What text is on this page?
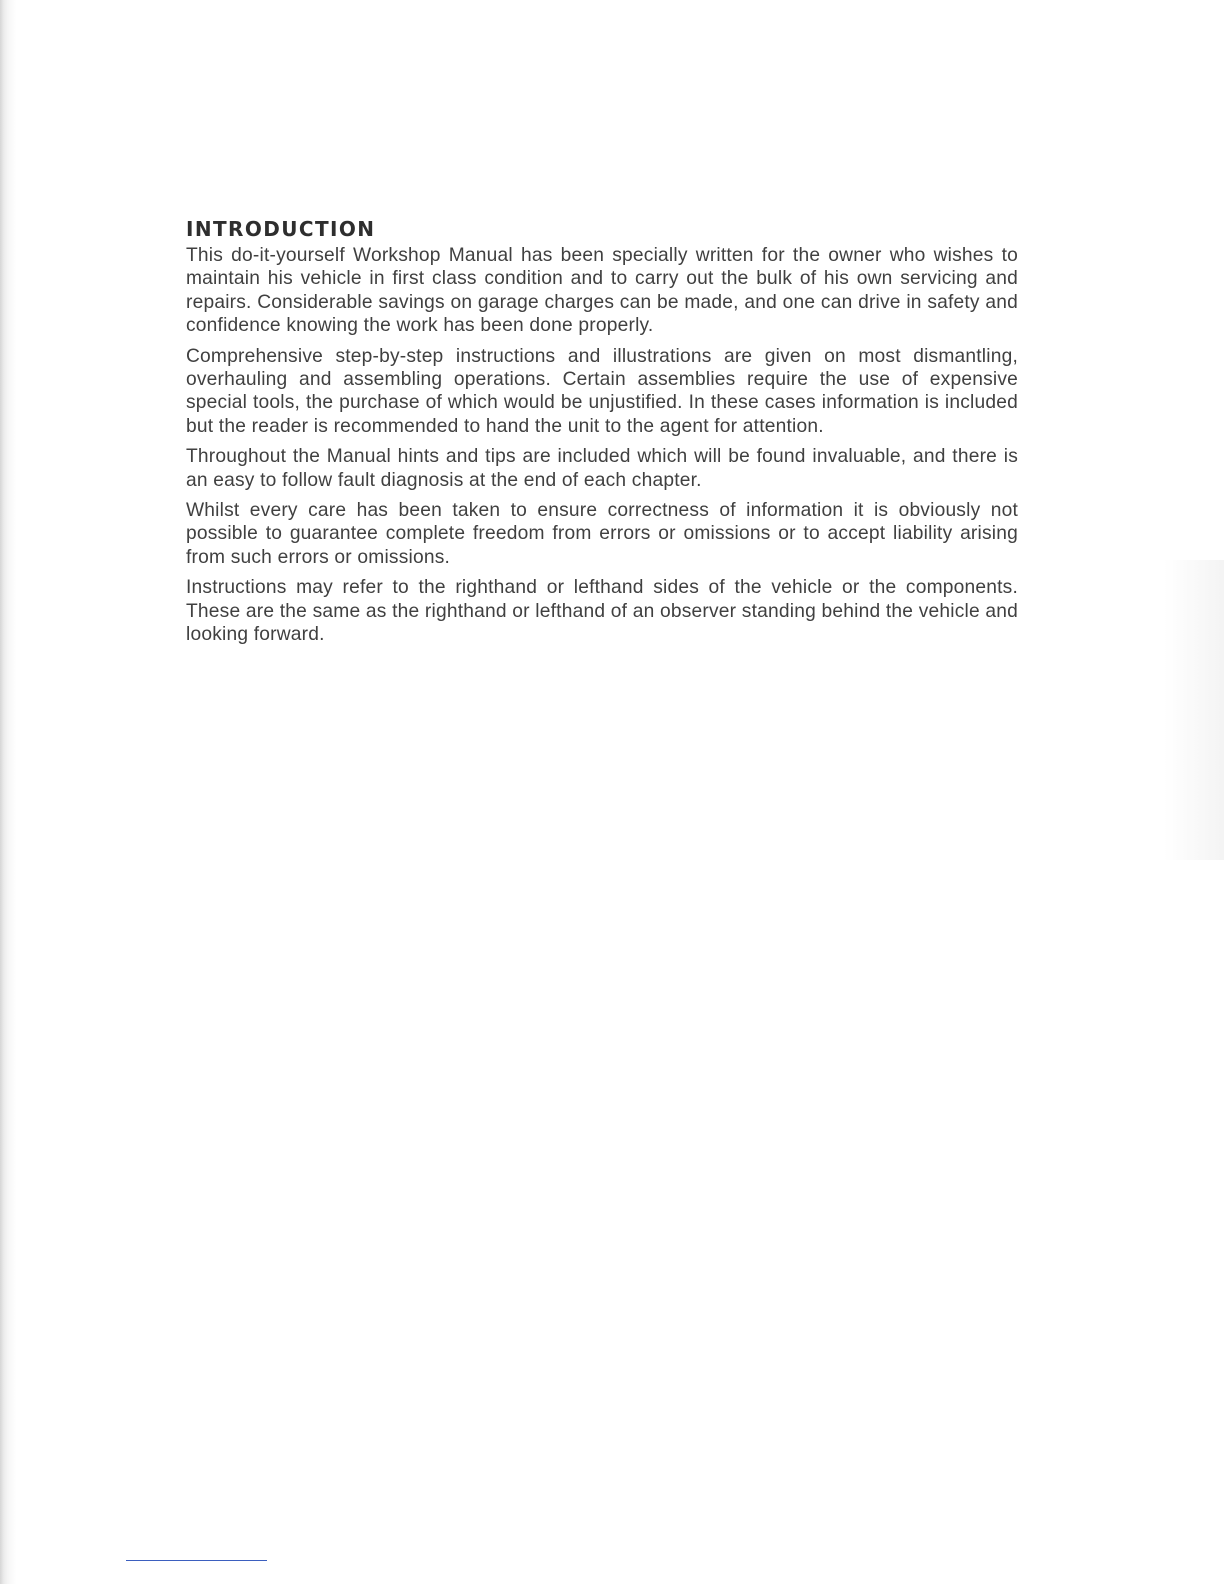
INTRODUCTION

This do-it-yourself Workshop Manual has been specially written for the owner who wishes to maintain his vehicle in first class condition and to carry out the bulk of his own servicing and repairs. Considerable savings on garage charges can be made, and one can drive in safety and confidence knowing the work has been done properly.

Comprehensive step-by-step instructions and illustrations are given on most dismantling, overhauling and assembling operations. Certain assemblies require the use of expensive special tools, the purchase of which would be unjustified. In these cases information is included but the reader is recommended to hand the unit to the agent for attention.

Throughout the Manual hints and tips are included which will be found invaluable, and there is an easy to follow fault diagnosis at the end of each chapter.

Whilst every care has been taken to ensure correctness of information it is obviously not possible to guarantee complete freedom from errors or omissions or to accept liability arising from such errors or omissions.

Instructions may refer to the righthand or lefthand sides of the vehicle or the components. These are the same as the righthand or lefthand of an observer standing behind the vehicle and looking forward.
